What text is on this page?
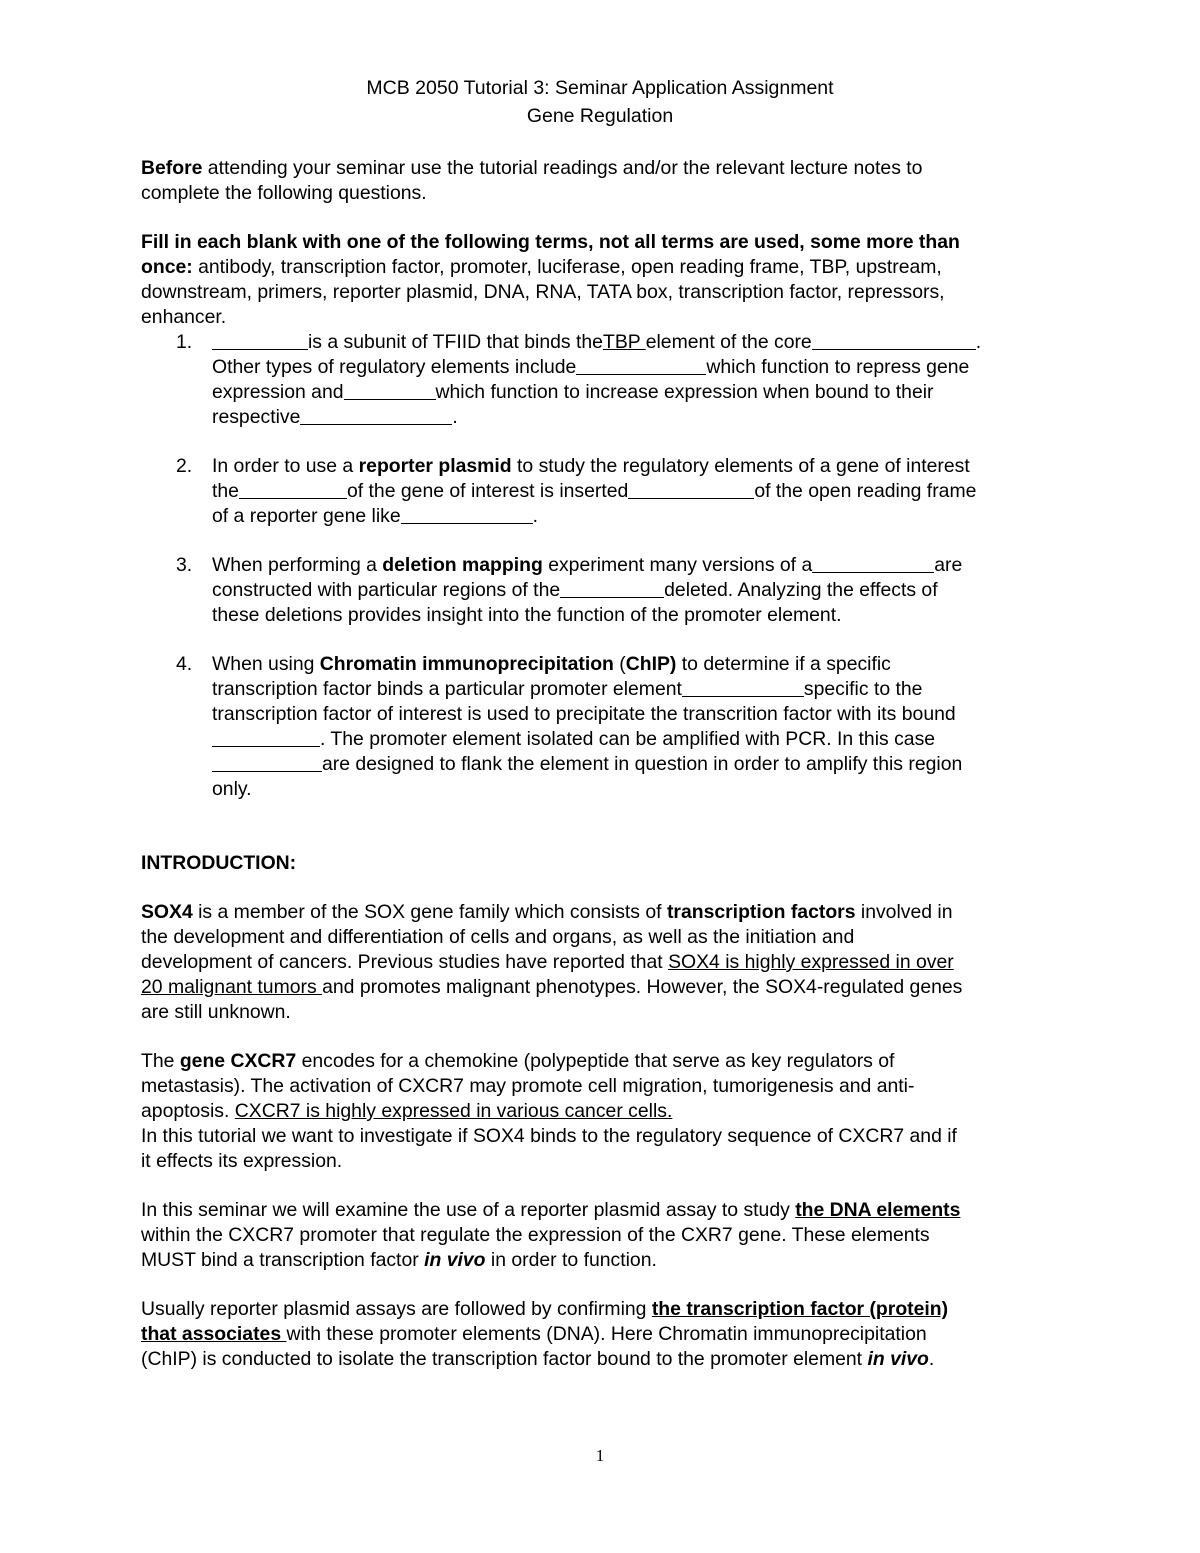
MCB 2050 Tutorial 3: Seminar Application Assignment
Gene Regulation
Before attending your seminar use the tutorial readings and/or the relevant lecture notes to
complete the following questions.
Fill in each blank with one of the following terms, not all terms are used, some more than
once: antibody, transcription factor, promoter, luciferase, open reading frame, TBP, upstream,
downstream, primers, reporter plasmid, DNA, RNA, TATA box, transcription factor, repressors,
enhancer.
1.	is a subunit of TFIID that binds theTBP element of the core	.
Other types of regulatory elements include	which function to repress gene
expression and	which function to increase expression when bound to their
respective	.
2. In order to use a reporter plasmid to study the regulatory elements of a gene of interest
the	of the gene of interest is inserted	of the open reading frame
of a reporter gene like	.
3. When performing a deletion mapping experiment many versions of a	are
constructed with particular regions of the	deleted. Analyzing the effects of
these deletions provides insight into the function of the promoter element.
4. When using Chromatin immunoprecipitation (ChIP) to determine if a specific
transcription factor binds a particular promoter element	specific to the
transcription factor of interest is used to precipitate the transcrition factor with its bound
. The promoter element isolated can be amplified with PCR. In this case
are designed to flank the element in question in order to amplify this region
only.
INTRODUCTION:
SOX4 is a member of the SOX gene family which consists of transcription factors involved in
the development and differentiation of cells and organs, as well as the initiation and
development of cancers. Previous studies have reported that SOX4 is highly expressed in over
20 malignant tumors and promotes malignant phenotypes. However, the SOX4-regulated genes
are still unknown.
The gene CXCR7 encodes for a chemokine (polypeptide that serve as key regulators of
metastasis). The activation of CXCR7 may promote cell migration, tumorigenesis and anti-
apoptosis. CXCR7 is highly expressed in various cancer cells.
In this tutorial we want to investigate if SOX4 binds to the regulatory sequence of CXCR7 and if
it effects its expression.
In this seminar we will examine the use of a reporter plasmid assay to study the DNA elements
within the CXCR7 promoter that regulate the expression of the CXR7 gene. These elements
MUST bind a transcription factor in vivo in order to function.
Usually reporter plasmid assays are followed by confirming the transcription factor (protein)
that associates with these promoter elements (DNA). Here Chromatin immunoprecipitation
(ChIP) is conducted to isolate the transcription factor bound to the promoter element in vivo.
1
